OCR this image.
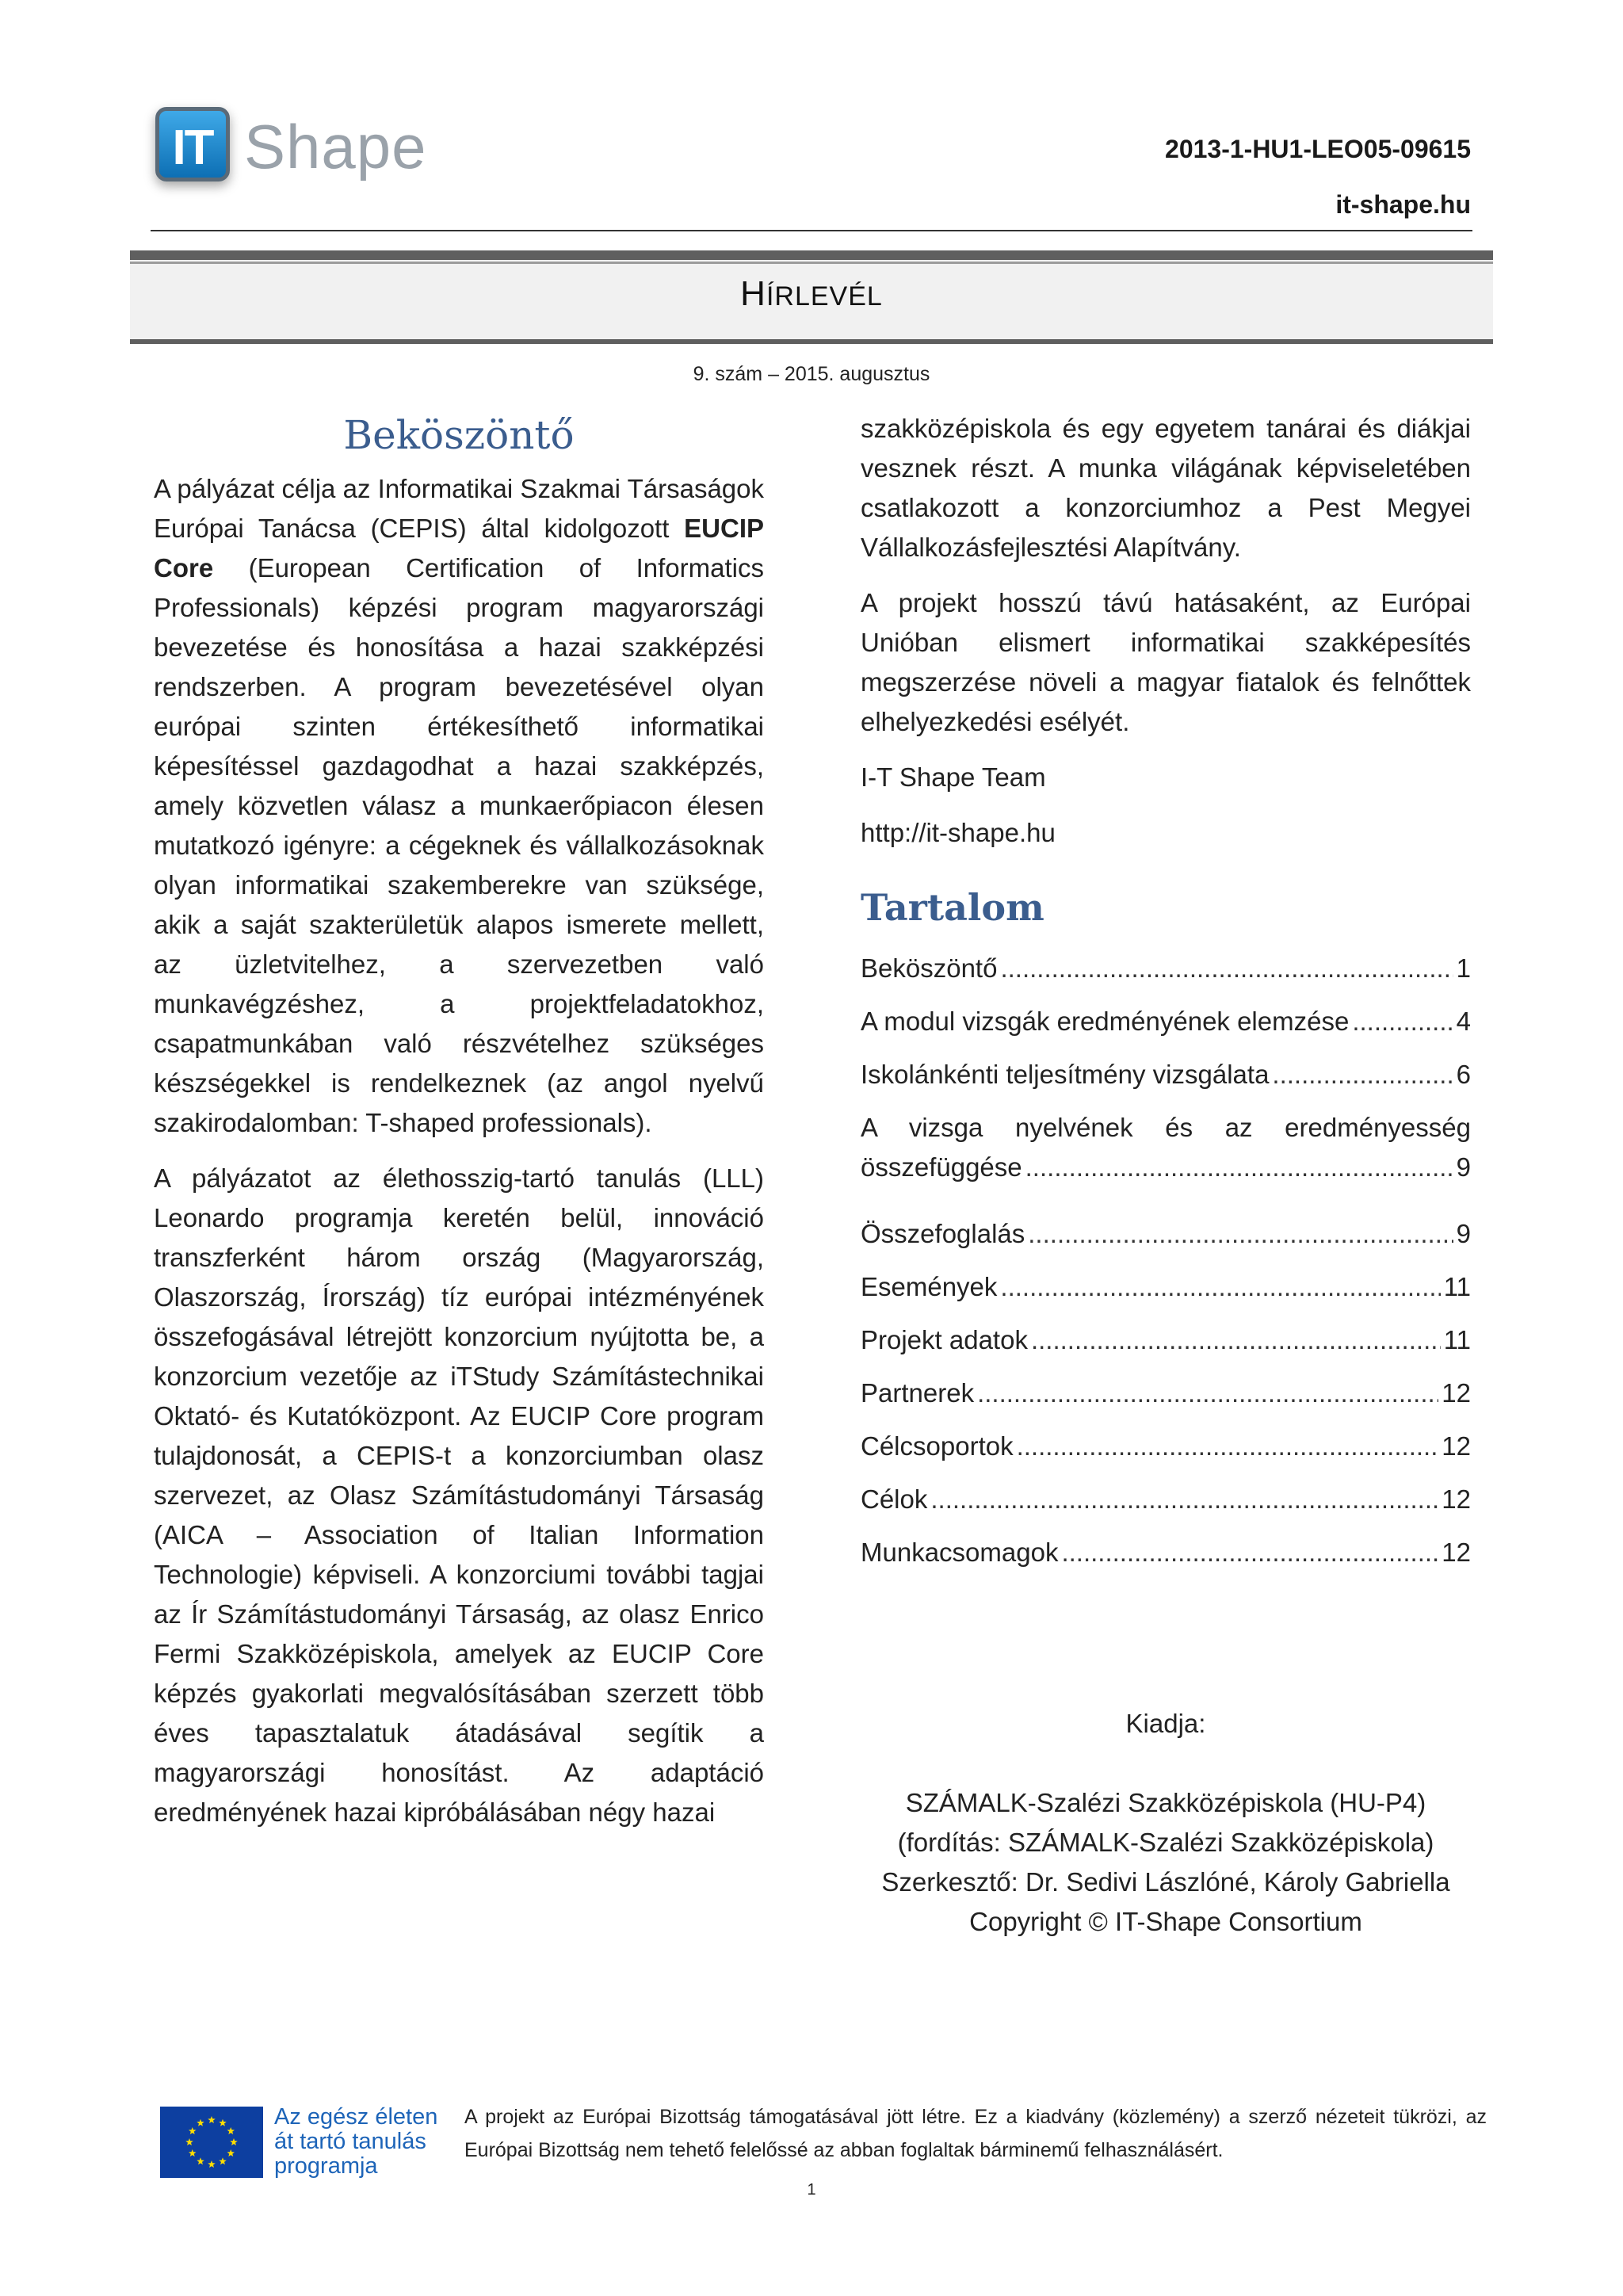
IT Shape	2013-1-HU1-LEO05-09615
it-shape.hu
HÍRLEVÉL
9. szám – 2015. augusztus
Beköszöntő

A pályázat célja az Informatikai Szakmai Társaságok Európai Tanácsa (CEPIS) által kidolgozott EUCIP Core (European Certification of Informatics Professionals) képzési program magyarországi bevezetése és honosítása a hazai szakképzési rendszerben. A program bevezetésével olyan európai szinten értékesíthető informatikai képesítéssel gazdagodhat a hazai szakképzés, amely közvetlen válasz a munkaerőpiacon élesen mutatkozó igényre: a cégeknek és vállalkozásoknak olyan informatikai szakemberekre van szüksége, akik a saját szakterületük alapos ismerete mellett, az üzletvitelhez, a szervezetben való munkavégzéshez, a projektfeladatokhoz, csapatmunkában való részvételhez szükséges készségekkel is rendelkeznek (az angol nyelvű szakirodalomban: T-shaped professionals).

A pályázatot az élethosszig-tartó tanulás (LLL) Leonardo programja keretén belül, innováció transzferként három ország (Magyarország, Olaszország, Írország) tíz európai intézményének összefogásával létrejött konzorcium nyújtotta be, a konzorcium vezetője az iTStudy Számítástechnikai Oktató- és Kutatóközpont. Az EUCIP Core program tulajdonosát, a CEPIS-t a konzorciumban olasz szervezet, az Olasz Számítástudományi Társaság (AICA – Association of Italian Information Technologie) képviseli. A konzorciumi további tagjai az Ír Számítástudományi Társaság, az olasz Enrico Fermi Szakközépiskola, amelyek az EUCIP Core képzés gyakorlati megvalósításában szerzett több éves tapasztalatuk átadásával segítik a magyarországi honosítást. Az adaptáció eredményének hazai kipróbálásában négy hazai

szakközépiskola és egy egyetem tanárai és diákjai vesznek részt. A munka világának képviseletében csatlakozott a konzorciumhoz a Pest Megyei Vállalkozásfejlesztési Alapítvány.

A projekt hosszú távú hatásaként, az Európai Unióban elismert informatikai szakképesítés megszerzése növeli a magyar fiatalok és felnőttek elhelyezkedési esélyét.

I-T Shape Team

http://it-shape.hu

Tartalom
Beköszöntő .....	1
A modul vizsgák eredményének elemzése .....	4
Iskolánkénti teljesítmény vizsgálata .....	6
A vizsga nyelvének és az eredményesség
összefüggése .....	9
Összefoglalás .....	9
Események .....	11
Projekt adatok .....	11
Partnerek .....	12
Célcsoportok .....	12
Célok .....	12
Munkacsomagok .....	12
Kiadja:
SZÁMALK-Szalézi Szakközépiskola (HU-P4)
(fordítás: SZÁMALK-Szalézi Szakközépiskola)
Szerkesztő: Dr. Sedivi Lászlóné, Károly Gabriella
Copyright © IT-Shape Consortium
Az egész életen
át tartó tanulás
programja
A projekt az Európai Bizottság támogatásával jött létre. Ez a kiadvány (közlemény) a szerző nézeteit tükrözi, az Európai Bizottság nem tehető felelőssé az abban foglaltak bárminemű felhasználásért.
1
